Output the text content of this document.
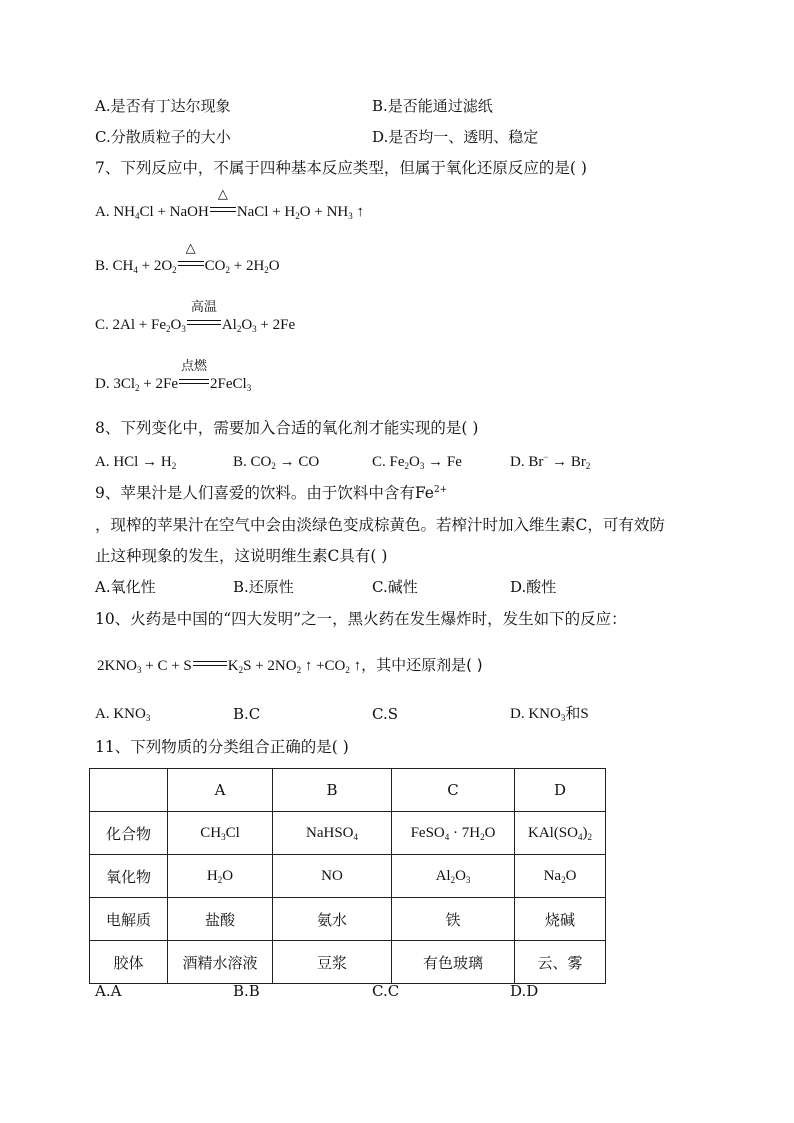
A.是否有丁达尔现象	B.是否能通过滤纸
C.分散质粒子的大小	D.是否均一、透明、稳定
7、下列反应中，不属于四种基本反应类型，但属于氧化还原反应的是( )
A. $NH_4Cl$ + NaOH
△
NaCl + $H_2O + NH_3$ ↑
B. $CH_4 + 2O_2$
△
$CO_2 + 2H_2O$
C. $2Al + Fe_2O_3$
高温
$Al_2O_3 + 2Fe$
D. $3Cl_2 + 2Fe$
点燃
2FeCl$_3$
8、下列变化中，需要加入合适的氧化剂才能实现的是( )
A. HCl → $H_2$	B. $CO_2$ → CO	C. $Fe_2O_3 \to Fe$	D. $Br^- \to Br_2$
9、苹果汁是人们喜爱的饮料。由于饮料中含有$Fe^{2+}$
，现榨的苹果汁在空气中会由淡绿色变成棕黄色。若榨汁时加入维生素C，可有效防
止这种现象的发生，这说明维生素C具有( )
A.氧化性	B.还原性	C.碱性	D.酸性
10、火药是中国的“四大发明”之一，黑火药在发生爆炸时，发生如下的反应：
$2KNO_3 + C + S$ $K_2S + 2NO_2$ ↑ $+CO_2$ ↑，其中还原剂是( )
A. $KNO_3$	B.C	C.S	D. $KNO_3$和S
11、下列物质的分类组合正确的是( )
	A	B	C	D
化合物	$CH_3Cl$	NaHSO$_4$	FeSO$_4$ · $7H_2O$	$KAl(SO_4)_2$
氧化物	$H_2O$	NO	$Al_2O_3$	$Na_2O$
电解质	盐酸	氨水	铁	烧碱
胶体	酒精水溶液	豆浆	有色玻璃	云、雾
A.A	B.B	C.C	D.D
